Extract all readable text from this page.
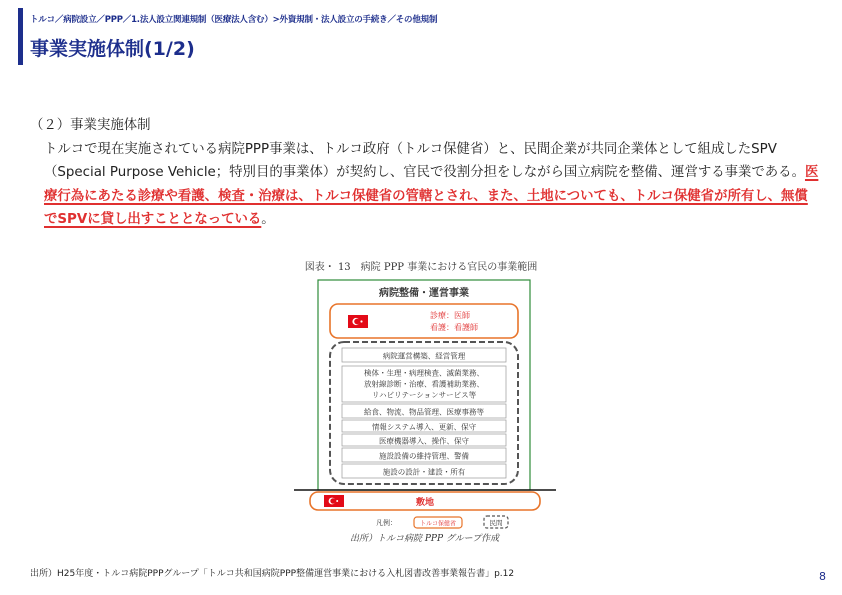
トルコ／病院設立／PPP／1.法人設立関連規制（医療法人含む）>外資規制・法人設立の手続き／その他規制
事業実施体制(1/2)

（２）事業実施体制

トルコで現在実施されている病院PPP事業は、トルコ政府（トルコ保健省）と、民間企業が共同企業体として組成したSPV（Special Purpose Vehicle；特別目的事業体）が契約し、官民で役割分担をしながら国立病院を整備、運営する事業である。医療行為にあたる診療や看護、検査・治療は、トルコ保健省の管轄とされ、また、土地についても、トルコ保健省が所有し、無償でSPVに貸し出すこととなっている。

図表・ 13　病院 PPP 事業における官民の事業範囲
病院整備・運営事業
診療：医師
看護：看護師
病院運営構築、経営管理
検体・生理・病理検査、滅菌業務、
放射線診断・治療、看護補助業務、
リハビリテーションサービス等
給食、物流、物品管理、医療事務等
情報システム導入、更新、保守
医療機器導入、操作、保守
施設設備の維持管理、警備
施設の設計・建設・所有
敷地
凡例：	トルコ保健省	民間
出所）トルコ病院 PPP グループ作成
出所）H25年度・トルコ病院PPPグループ「トルコ共和国病院PPP整備運営事業における入札図書改善事業報告書」p.12	8
